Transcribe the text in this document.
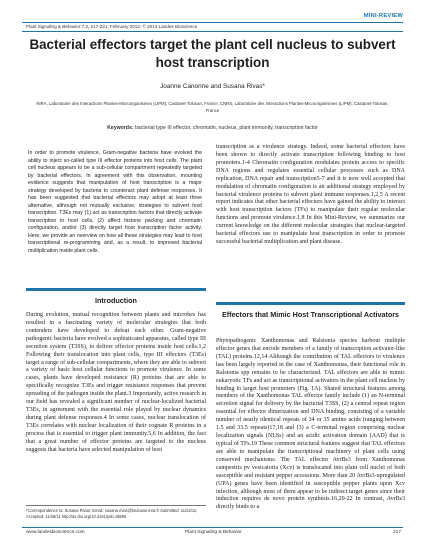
MINI-REVIEW
Plant Signaling & Behavior 7:2, 217-221; February 2012; © 2012 Landes Bioscience
Bacterial effectors target the plant cell nucleus to subvert host transcription
Joanne Canonne and Susana Rivas*
INRA, Laboratoire des Interactions Plantes-Microorganismes (LIPM); Castanet-Tolosan, France; CNRS, Laboratoire des Interactions Plantes-Microorganismes (LIPM); Castanet-Tolosan, France
Keywords: bacterial type III effector, chromatin, nucleus, plant immunity, transcription factor
In order to promote virulence, Gram-negative bacteria have evolved the ability to inject so-called type III effector proteins into host cells. The plant cell nucleus appears to be a sub-cellular compartment repeatedly targeted by bacterial effectors. In agreement with this observation, mounting evidence suggests that manipulation of host transcription is a major strategy developed by bacteria to counteract plant defense responses. It has been suggested that bacterial effectors may adopt at least three alternative, although not mutually exclusive, strategies to subvert host transcription. T3Es may (1) act as transcription factors that directly activate transcription in host cells, (2) affect histone packing and chromatin configuration, and/or (3) directly target host transcription factor activity. Here, we provide an overview on how all these strategies may lead to host transcriptional re-programming and, as a result, to improved bacterial multiplication inside plant cells.

transcription as a virulence strategy. Indeed, some bacterial effectors have been shown to directly activate transcription following binding to host promoters.1-4 Chromatin configuration modulates protein access to specific DNA regions and regulates essential cellular processes such as DNA replication, DNA repair and transcription5-7 and it is now well accepted that modulation of chromatin configuration is an additional strategy employed by bacterial virulence proteins to subvert plant immune responses.1,2,5 A recent report indicates that other bacterial effectors have gained the ability to interact with host transcription factors (TFs) to manipulate their regular molecular functions and promote virulence.1,8 In this Mini-Review, we summarize our current knowledge on the different molecular strategies that nuclear-targeted bacterial effectors use to manipulate host transcription in order to promote successful bacterial multiplication and plant disease.

Introduction

During evolution, mutual recognition between plants and microbes has resulted in a fascinating variety of molecular strategies that both contenders have developed to defeat each other. Gram-negative pathogenic bacteria have evolved a sophisticated apparatus, called type III secretion system (T3SS), to deliver effector proteins inside host cells.1,2 Following their translocation into plant cells, type III effectors (T3Es) target a range of sub-cellular compartments, where they are able to subvert a variety of basic host cellular functions to promote virulence. In some cases, plants have developed resistance (R) proteins that are able to specifically recognize T3Es and trigger resistance responses that prevent spreading of the pathogen inside the plant.3 Importantly, active research in our field has revealed a significant number of nuclear-localized bacterial T3Es, in agreement with the essential role played by nuclear dynamics during plant defense responses.4 In some cases, nuclear translocation of T3Es correlates with nuclear localization of their cognate R proteins in a process that is essential to trigger plant immunity.5,6 In addition, the fact that a great number of effector proteins are targeted to the nucleus suggests that bacteria have selected manipulation of host

Effectors that Mimic Host Transcriptional Activators

Phytopathogenic Xanthomonas and Ralstonia species harbour multiple effector genes that encode members of a family of transcription activator-like (TAL) proteins.12,14 Although the contribution of TAL effectors to virulence has been largely reported in the case of Xanthomonas, their functional role in Ralstonia spp remains to be characterized. TAL effectors are able to mimic eukaryotic TFs and act as transcriptional activators in the plant cell nucleus by binding to target host promoters (Fig. 1A). Shared structural features among members of the Xanthomonas TAL effector family include (1) an N-terminal secretion signal for delivery by the bacterial T3SS, (2) a central repeat region essential for effector dimerization and DNA binding, consisting of a variable number of nearly identical repeats of 34 or 35 amino acids (ranging between 1.5 and 33.5 repeats)17,18 and (3) a C-terminal region comprising nuclear localization signals (NLSs) and an acidic activation domain (AAD) that is typical of TFs.19 These common structural features suggest that TAL effectors are able to manipulate the transcriptional machinery of plant cells using conserved mechanisms. The TAL effector AvrBs3 from Xanthomonas campestris pv vesicatoria (Xcv) is translocated into plant cell nuclei of both susceptible and resistant pepper accessions. More than 20 AvrBs3-upregulated (UPA) genes have been identified in susceptible pepper plants upon Xcv infection, although most of them appear to be indirect target genes since their induction requires de novo protein synthesis.16,20-22 In contrast, AvrBs3 directly binds to a

*Correspondence to: Susana Rivas; Email: susana.rivas@toulouse.inra.fr Submitted: 11/22/11; Accepted: 11/28/11 http://dx.doi.org/10.4161/psb.18885
www.landesbioscience.com	Plant Signaling & Behavior	217
